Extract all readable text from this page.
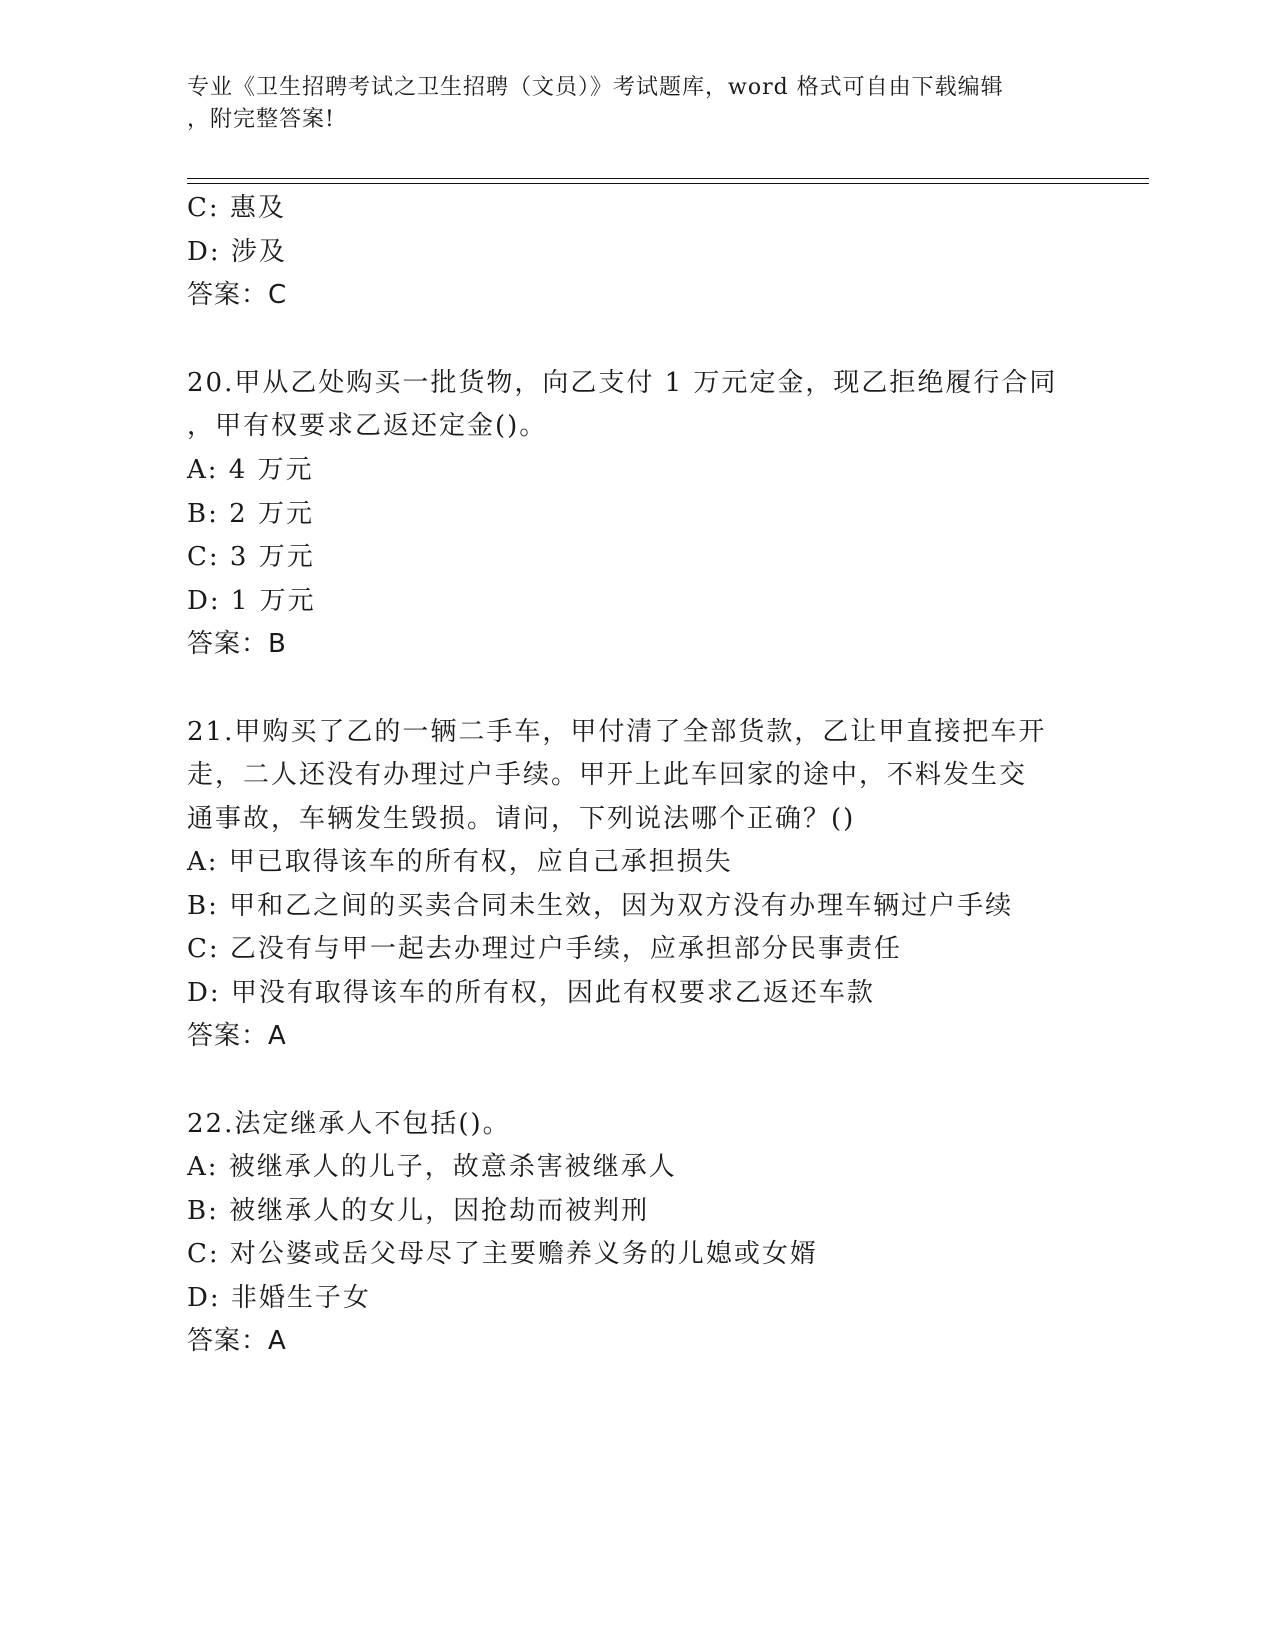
专业《卫生招聘考试之卫生招聘（文员）》考试题库，word 格式可自由下载编辑
，附完整答案!
C: 惠及
D: 涉及
答案：C
20.甲从乙处购买一批货物，向乙支付 1 万元定金，现乙拒绝履行合同
，甲有权要求乙返还定金()。
A: 4 万元
B: 2 万元
C: 3 万元
D: 1 万元
答案：B
21.甲购买了乙的一辆二手车，甲付清了全部货款，乙让甲直接把车开
走，二人还没有办理过户手续。甲开上此车回家的途中，不料发生交
通事故，车辆发生毁损。请问，下列说法哪个正确？()
A: 甲已取得该车的所有权，应自己承担损失
B: 甲和乙之间的买卖合同未生效，因为双方没有办理车辆过户手续
C: 乙没有与甲一起去办理过户手续，应承担部分民事责任
D: 甲没有取得该车的所有权，因此有权要求乙返还车款
答案：A
22.法定继承人不包括()。
A: 被继承人的儿子，故意杀害被继承人
B: 被继承人的女儿，因抢劫而被判刑
C: 对公婆或岳父母尽了主要赡养义务的儿媳或女婿
D: 非婚生子女
答案：A
